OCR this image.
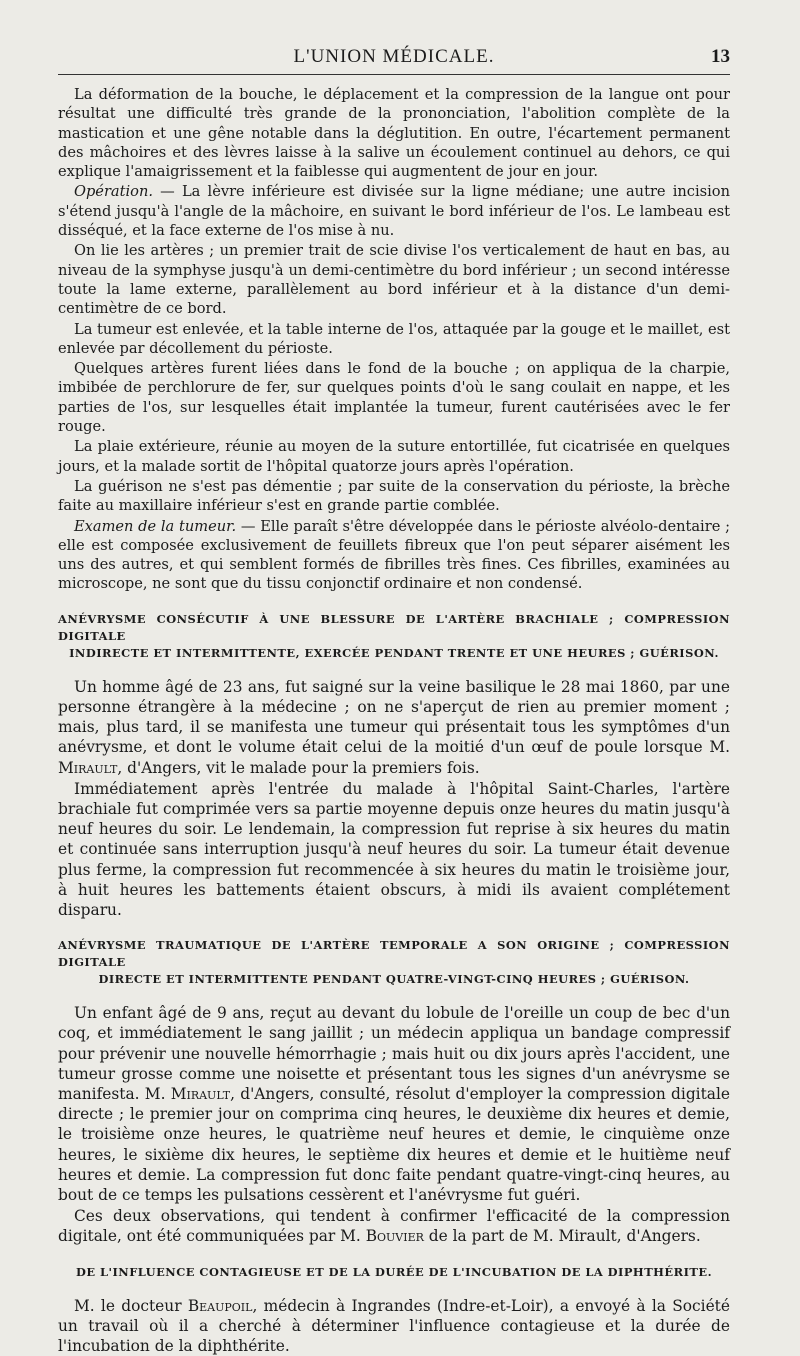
L'UNION MÉDICALE.	13

La déformation de la bouche, le déplacement et la compression de la langue ont pour résultat une difficulté très grande de la prononciation, l'abolition complète de la mastication et une gêne notable dans la déglutition. En outre, l'écartement permanent des mâchoires et des lèvres laisse à la salive un écoulement continuel au dehors, ce qui explique l'amaigrissement et la faiblesse qui augmentent de jour en jour.

Opération. — La lèvre inférieure est divisée sur la ligne médiane; une autre incision s'étend jusqu'à l'angle de la mâchoire, en suivant le bord inférieur de l'os. Le lambeau est disséqué, et la face externe de l'os mise à nu.

On lie les artères ; un premier trait de scie divise l'os verticalement de haut en bas, au niveau de la symphyse jusqu'à un demi-centimètre du bord inférieur ; un second intéresse toute la lame externe, parallèlement au bord inférieur et à la distance d'un demi-centimètre de ce bord.

La tumeur est enlevée, et la table interne de l'os, attaquée par la gouge et le maillet, est enlevée par décollement du périoste.

Quelques artères furent liées dans le fond de la bouche ; on appliqua de la charpie, imbibée de perchlorure de fer, sur quelques points d'où le sang coulait en nappe, et les parties de l'os, sur lesquelles était implantée la tumeur, furent cautérisées avec le fer rouge.

La plaie extérieure, réunie au moyen de la suture entortillée, fut cicatrisée en quelques jours, et la malade sortit de l'hôpital quatorze jours après l'opération.

La guérison ne s'est pas démentie ; par suite de la conservation du périoste, la brèche faite au maxillaire inférieur s'est en grande partie comblée.

Examen de la tumeur. — Elle paraît s'être développée dans le périoste alvéolo-dentaire ; elle est composée exclusivement de feuillets fibreux que l'on peut séparer aisément les uns des autres, et qui semblent formés de fibrilles très fines. Ces fibrilles, examinées au microscope, ne sont que du tissu conjonctif ordinaire et non condensé.

ANÉVRYSME CONSÉCUTIF À UNE BLESSURE DE L'ARTÈRE BRACHIALE ; COMPRESSION DIGITALE
INDIRECTE ET INTERMITTENTE, EXERCÉE PENDANT TRENTE ET UNE HEURES ; GUÉRISON.

Un homme âgé de 23 ans, fut saigné sur la veine basilique le 28 mai 1860, par une personne étrangère à la médecine ; on ne s'aperçut de rien au premier moment ; mais, plus tard, il se manifesta une tumeur qui présentait tous les symptômes d'un anévrysme, et dont le volume était celui de la moitié d'un œuf de poule lorsque M. Mirault, d'Angers, vit le malade pour la premiers fois.

Immédiatement après l'entrée du malade à l'hôpital Saint-Charles, l'artère brachiale fut comprimée vers sa partie moyenne depuis onze heures du matin jusqu'à neuf heures du soir. Le lendemain, la compression fut reprise à six heures du matin et continuée sans interruption jusqu'à neuf heures du soir. La tumeur était devenue plus ferme, la compression fut recommencée à six heures du matin le troisième jour, à huit heures les battements étaient obscurs, à midi ils avaient complétement disparu.

ANÉVRYSME TRAUMATIQUE DE L'ARTÈRE TEMPORALE A SON ORIGINE ; COMPRESSION DIGITALE
DIRECTE ET INTERMITTENTE PENDANT QUATRE-VINGT-CINQ HEURES ; GUÉRISON.

Un enfant âgé de 9 ans, reçut au devant du lobule de l'oreille un coup de bec d'un coq, et immédiatement le sang jaillit ; un médecin appliqua un bandage compressif pour prévenir une nouvelle hémorrhagie ; mais huit ou dix jours après l'accident, une tumeur grosse comme une noisette et présentant tous les signes d'un anévrysme se manifesta. M. Mirault, d'Angers, consulté, résolut d'employer la compression digitale directe ; le premier jour on comprima cinq heures, le deuxième dix heures et demie, le troisième onze heures, le quatrième neuf heures et demie, le cinquième onze heures, le sixième dix heures, le septième dix heures et demie et le huitième neuf heures et demie. La compression fut donc faite pendant quatre-vingt-cinq heures, au bout de ce temps les pulsations cessèrent et l'anévrysme fut guéri.

Ces deux observations, qui tendent à confirmer l'efficacité de la compression digitale, ont été communiquées par M. Bouvier de la part de M. Mirault, d'Angers.

DE L'INFLUENCE CONTAGIEUSE ET DE LA DURÉE DE L'INCUBATION DE LA DIPHTHÉRITE.

M. le docteur Beaupoil, médecin à Ingrandes (Indre-et-Loir), a envoyé à la Société un travail où il a cherché à déterminer l'influence contagieuse et la durée de l'incubation de la diphthérite.
